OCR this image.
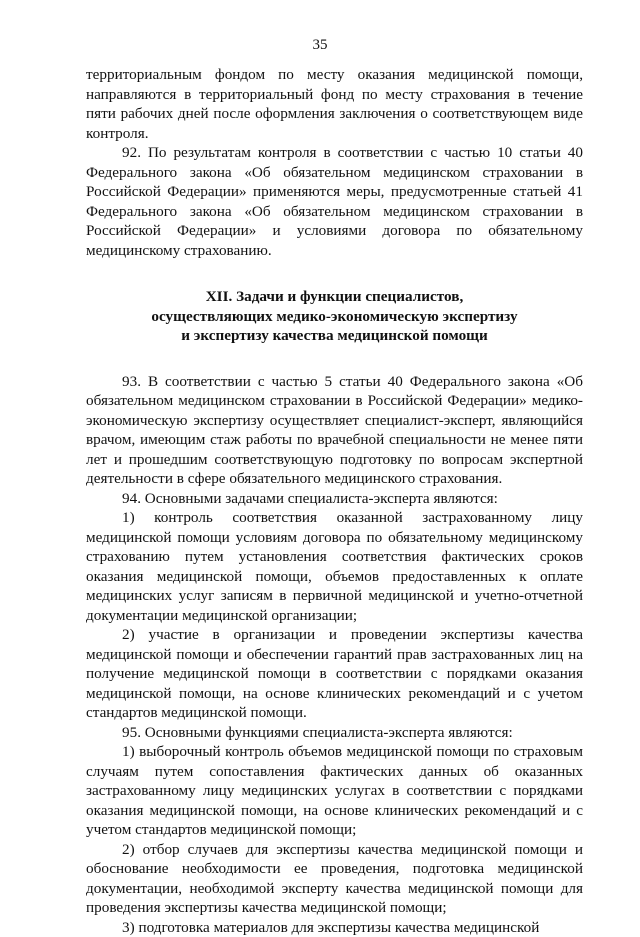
35

территориальным фондом по месту оказания медицинской помощи, направляются в территориальный фонд по месту страхования в течение пяти рабочих дней после оформления заключения о соответствующем виде контроля.

92. По результатам контроля в соответствии с частью 10 статьи 40 Федерального закона «Об обязательном медицинском страховании в Российской Федерации» применяются меры, предусмотренные статьей 41 Федерального закона «Об обязательном медицинском страховании в Российской Федерации» и условиями договора по обязательному медицинскому страхованию.

XII. Задачи и функции специалистов,
осуществляющих медико-экономическую экспертизу
и экспертизу качества медицинской помощи

93. В соответствии с частью 5 статьи 40 Федерального закона «Об обязательном медицинском страховании в Российской Федерации» медико-экономическую экспертизу осуществляет специалист-эксперт, являющийся врачом, имеющим стаж работы по врачебной специальности не менее пяти лет и прошедшим соответствующую подготовку по вопросам экспертной деятельности в сфере обязательного медицинского страхования.

94. Основными задачами специалиста-эксперта являются:

1) контроль соответствия оказанной застрахованному лицу медицинской помощи условиям договора по обязательному медицинскому страхованию путем установления соответствия фактических сроков оказания медицинской помощи, объемов предоставленных к оплате медицинских услуг записям в первичной медицинской и учетно-отчетной документации медицинской организации;

2) участие в организации и проведении экспертизы качества медицинской помощи и обеспечении гарантий прав застрахованных лиц на получение медицинской помощи в соответствии с порядками оказания медицинской помощи, на основе клинических рекомендаций и с учетом стандартов медицинской помощи.

95. Основными функциями специалиста-эксперта являются:

1) выборочный контроль объемов медицинской помощи по страховым случаям путем сопоставления фактических данных об оказанных застрахованному лицу медицинских услугах в соответствии с порядками оказания медицинской помощи, на основе клинических рекомендаций и с учетом стандартов медицинской помощи;

2) отбор случаев для экспертизы качества медицинской помощи и обоснование необходимости ее проведения, подготовка медицинской документации, необходимой эксперту качества медицинской помощи для проведения экспертизы качества медицинской помощи;

3) подготовка материалов для экспертизы качества медицинской
